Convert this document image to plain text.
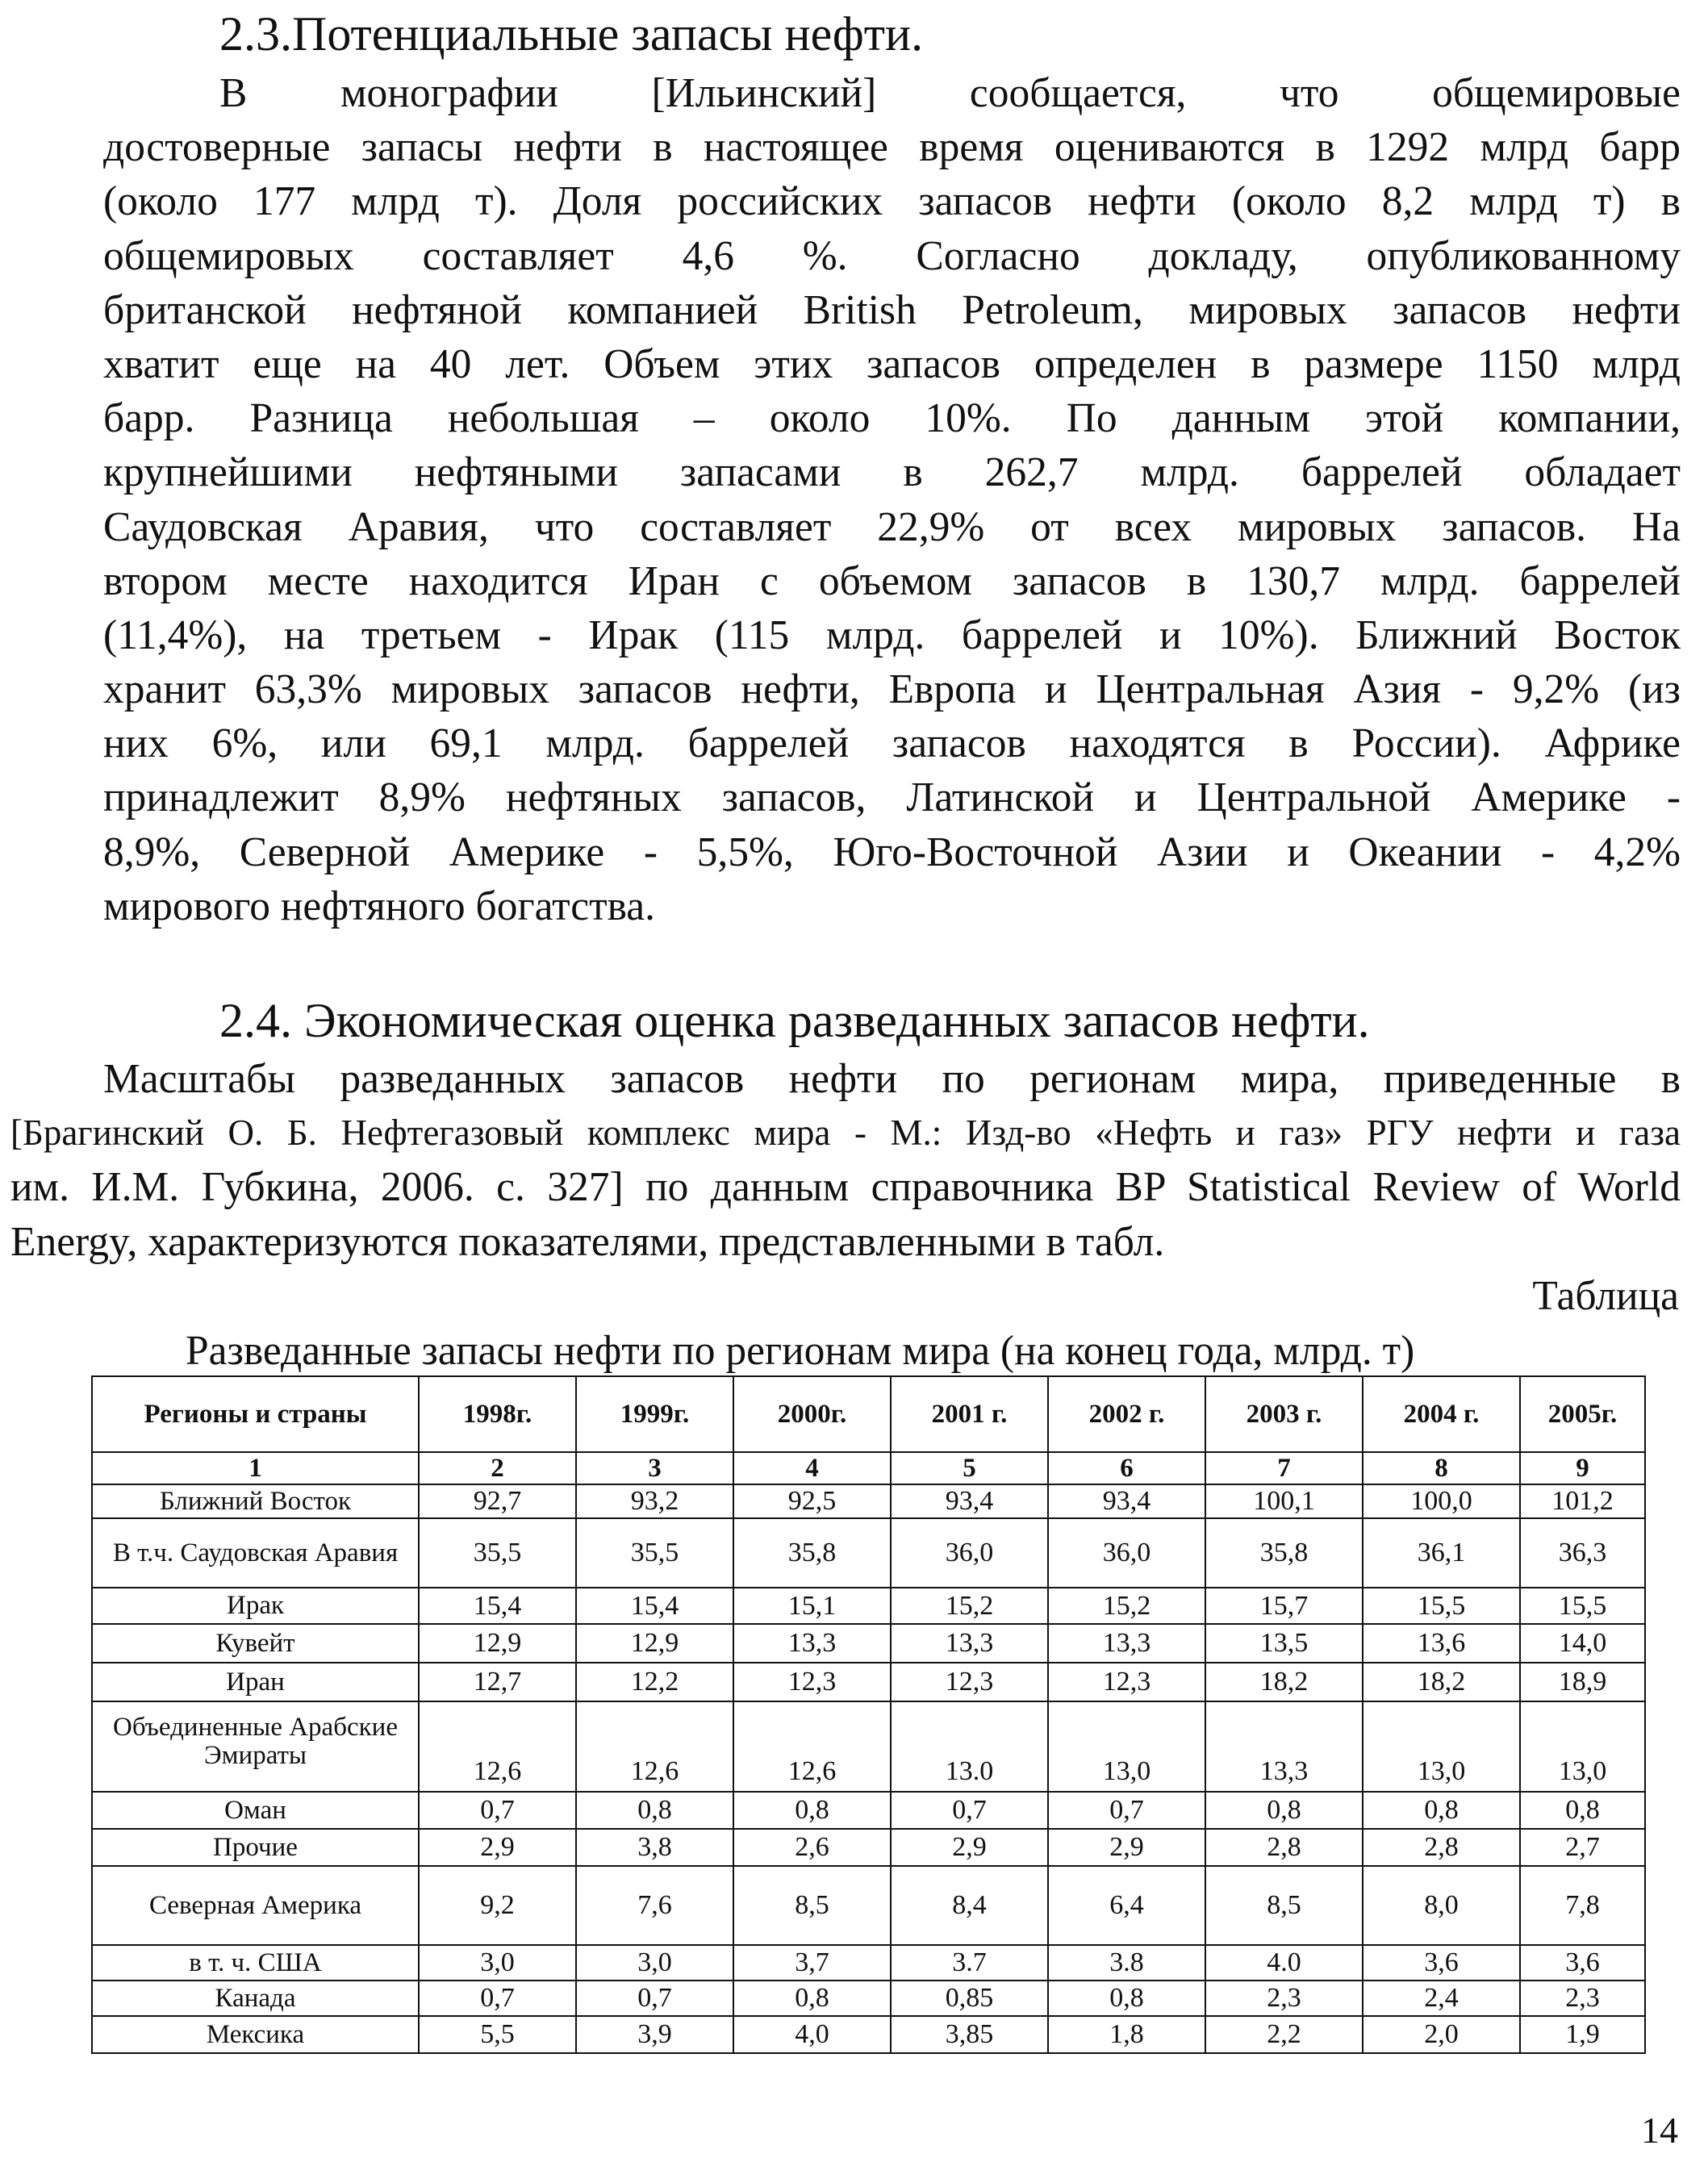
2.3.Потенциальные запасы нефти.
В монографии [Ильинский] сообщается, что общемировые
достоверные запасы нефти в настоящее время оцениваются в 1292 млрд барр
(около 177 млрд т). Доля российских запасов нефти (около 8,2 млрд т) в
общемировых составляет 4,6 %. Согласно докладу, опубликованному
британской нефтяной компанией British Petroleum, мировых запасов нефти
хватит еще на 40 лет. Объем этих запасов определен в размере 1150 млрд
барр. Разница небольшая – около 10%. По данным этой компании,
крупнейшими нефтяными запасами в 262,7 млрд. баррелей обладает
Саудовская Аравия, что составляет 22,9% от всех мировых запасов. На
втором месте находится Иран с объемом запасов в 130,7 млрд. баррелей
(11,4%), на третьем - Ирак (115 млрд. баррелей и 10%). Ближний Восток
хранит 63,3% мировых запасов нефти, Европа и Центральная Азия - 9,2% (из
них 6%, или 69,1 млрд. баррелей запасов находятся в России). Африке
принадлежит 8,9% нефтяных запасов, Латинской и Центральной Америке -
8,9%, Северной Америке - 5,5%, Юго-Восточной Азии и Океании - 4,2%
мирового нефтяного богатства.
2.4. Экономическая оценка разведанных запасов нефти.
Масштабы разведанных запасов нефти по регионам мира, приведенные в
[Брагинский О. Б. Нефтегазовый комплекс мира - М.: Изд-во «Нефть и газ» РГУ нефти и газа
им. И.М. Губкина, 2006. с. 327] по данным справочника BP Statistical Review of World
Energy, характеризуются показателями, представленными в табл.
Таблица
Разведанные запасы нефти по регионам мира (на конец года, млрд. т)
Регионы и страны	1998г.	1999г.	2000г.	2001 г.	2002 г.	2003 г.	2004 г.	2005г.
1	2	3	4	5	6	7	8	9
Ближний Восток	92,7	93,2	92,5	93,4	93,4	100,1	100,0	101,2
В т.ч. Саудовская Аравия	35,5	35,5	35,8	36,0	36,0	35,8	36,1	36,3
Ирак	15,4	15,4	15,1	15,2	15,2	15,7	15,5	15,5
Кувейт	12,9	12,9	13,3	13,3	13,3	13,5	13,6	14,0
Иран	12,7	12,2	12,3	12,3	12,3	18,2	18,2	18,9
Объединенные Арабские Эмираты	12,6	12,6	12,6	13.0	13,0	13,3	13,0	13,0
Оман	0,7	0,8	0,8	0,7	0,7	0,8	0,8	0,8
Прочие	2,9	3,8	2,6	2,9	2,9	2,8	2,8	2,7
Северная Америка	9,2	7,6	8,5	8,4	6,4	8,5	8,0	7,8
в т. ч. США	3,0	3,0	3,7	3.7	3.8	4.0	3,6	3,6
Канада	0,7	0,7	0,8	0,85	0,8	2,3	2,4	2,3
Мексика	5,5	3,9	4,0	3,85	1,8	2,2	2,0	1,9
14
